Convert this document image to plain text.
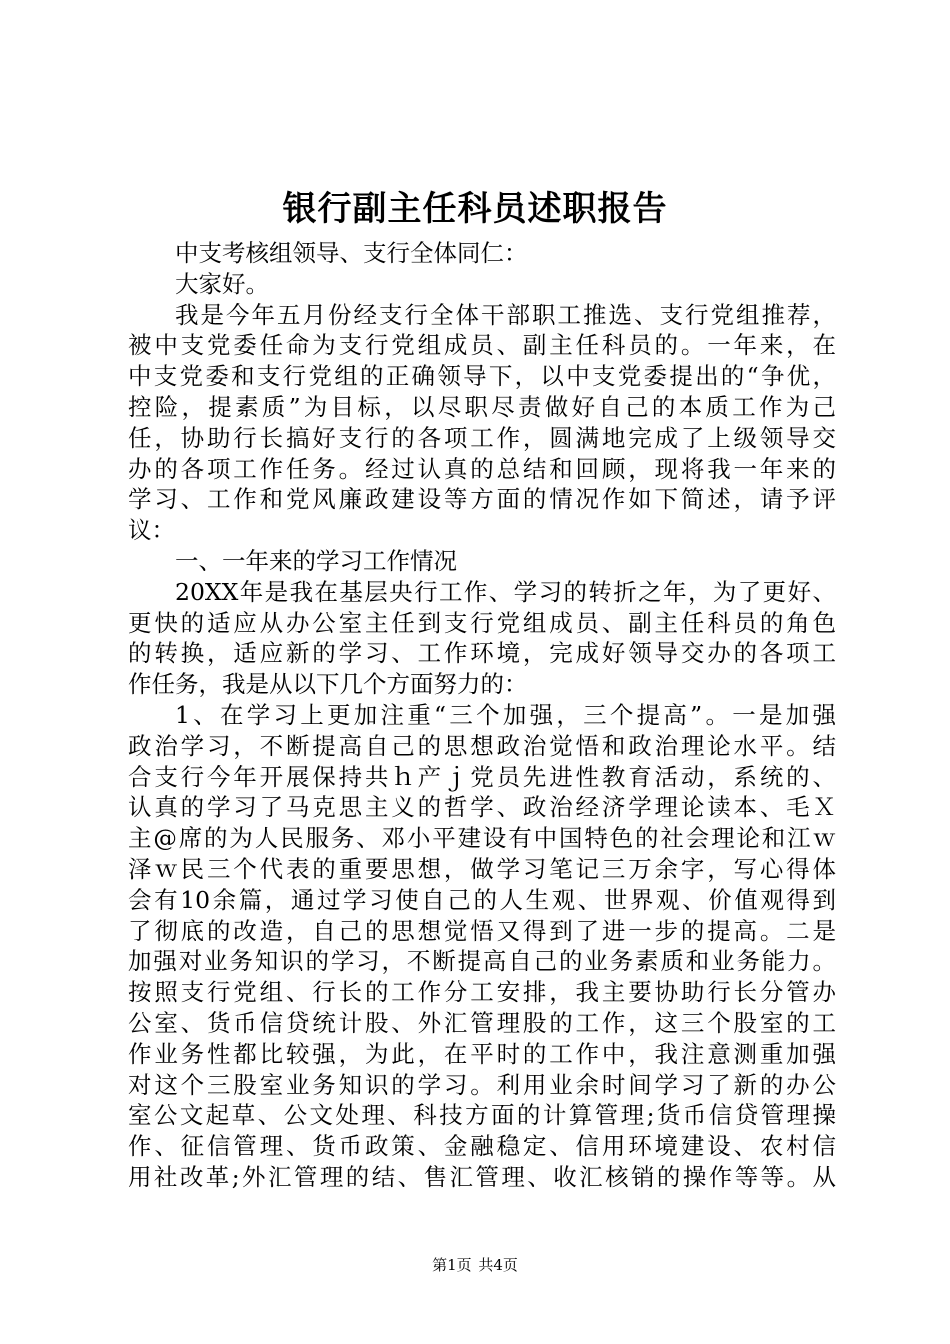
银行副主任科员述职报告
中支考核组领导、支行全体同仁：
大家好。
我是今年五月份经支行全体干部职工推选、支行党组推荐，
被中支党委任命为支行党组成员、副主任科员的。一年来，在
中支党委和支行党组的正确领导下，以中支党委提出的“争优，
控险，提素质”为目标，以尽职尽责做好自己的本质工作为己
任，协助行长搞好支行的各项工作，圆满地完成了上级领导交
办的各项工作任务。经过认真的总结和回顾，现将我一年来的
学习、工作和党风廉政建设等方面的情况作如下简述，请予评
议：
一、一年来的学习工作情况
20XX年是我在基层央行工作、学习的转折之年，为了更好、
更快的适应从办公室主任到支行党组成员、副主任科员的角色
的转换，适应新的学习、工作环境，完成好领导交办的各项工
作任务，我是从以下几个方面努力的：
1、在学习上更加注重“三个加强，三个提高”。一是加强
政治学习，不断提高自己的思想政治觉悟和政治理论水平。结
合支行今年开展保持共ｈ产ｊ党员先进性教育活动，系统的、
认真的学习了马克思主义的哲学、政治经济学理论读本、毛Ｘ
主@席的为人民服务、邓小平建设有中国特色的社会理论和江ｗ
泽ｗ民三个代表的重要思想，做学习笔记三万余字，写心得体
会有10余篇，通过学习使自己的人生观、世界观、价值观得到
了彻底的改造，自己的思想觉悟又得到了进一步的提高。二是
加强对业务知识的学习，不断提高自己的业务素质和业务能力。
按照支行党组、行长的工作分工安排，我主要协助行长分管办
公室、货币信贷统计股、外汇管理股的工作，这三个股室的工
作业务性都比较强，为此，在平时的工作中，我注意测重加强
对这个三股室业务知识的学习。利用业余时间学习了新的办公
室公文起草、公文处理、科技方面的计算管理;货币信贷管理操
作、征信管理、货币政策、金融稳定、信用环境建设、农村信
用社改革;外汇管理的结、售汇管理、收汇核销的操作等等。从
第1页 共4页
